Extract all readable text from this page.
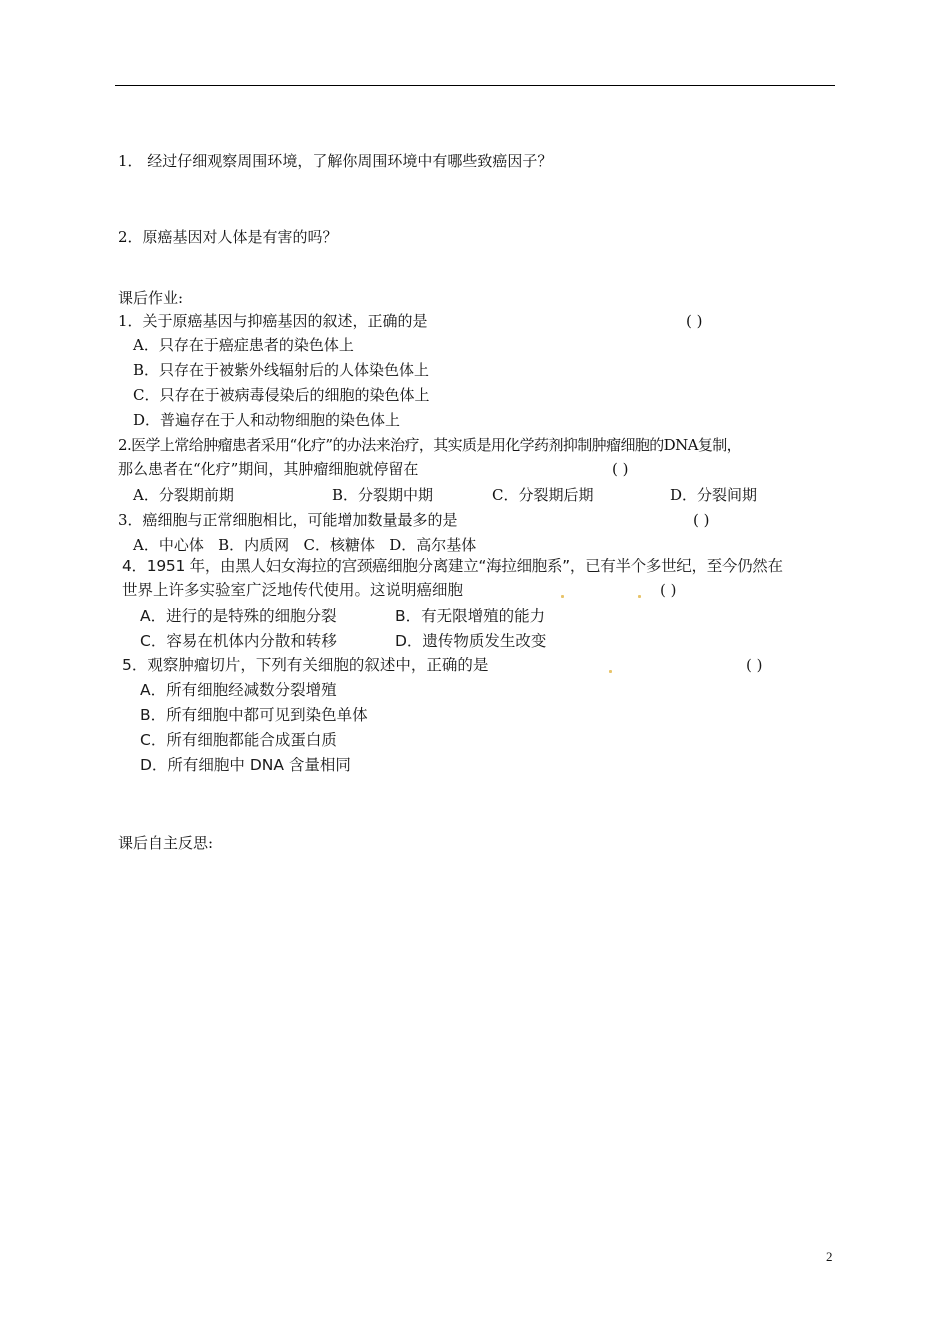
1． 经过仔细观察周围环境，了解你周围环境中有哪些致癌因子？
2．原癌基因对人体是有害的吗？
课后作业:
1．关于原癌基因与抑癌基因的叙述，正确的是	( )
A．只存在于癌症患者的染色体上
B．只存在于被紫外线辐射后的人体染色体上
C．只存在于被病毒侵染后的细胞的染色体上
D．普遍存在于人和动物细胞的染色体上
2.医学上常给肿瘤患者采用“化疗”的办法来治疗，其实质是用化学药剂抑制肿瘤细胞的DNA复制，
那么患者在“化疗”期间，其肿瘤细胞就停留在	( )
A．分裂期前期	B．分裂期中期	C．分裂期后期	D．分裂间期
3．癌细胞与正常细胞相比，可能增加数量最多的是	( )
A．中心体   B．内质网   C．核糖体   D．高尔基体
4．1951 年，由黑人妇女海拉的宫颈癌细胞分离建立“海拉细胞系”，已有半个多世纪，至今仍然在
世界上许多实验室广泛地传代使用。这说明癌细胞	( )
A．进行的是特殊的细胞分裂	B．有无限增殖的能力
C．容易在机体内分散和转移	D．遗传物质发生改变
5．观察肿瘤切片，下列有关细胞的叙述中，正确的是	( )
A．所有细胞经减数分裂增殖
B．所有细胞中都可见到染色单体
C．所有细胞都能合成蛋白质
D．所有细胞中 DNA 含量相同
课后自主反思:
2
